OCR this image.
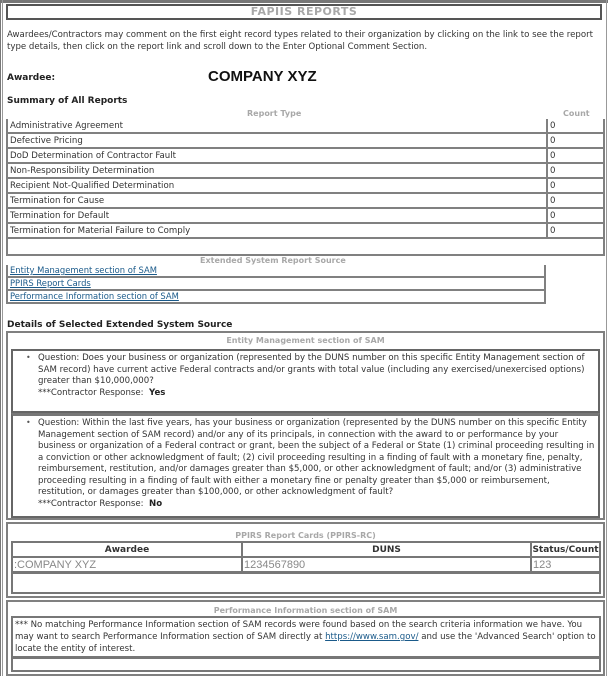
FAPIIS REPORTS
Awardees/Contractors may comment on the first eight record types related to their organization by clicking on the link to see the report type details, then click on the report link and scroll down to the Enter Optional Comment Section.
Awardee:	COMPANY XYZ
Summary of All Reports
Report Type	Count
Administrative Agreement	0
Defective Pricing	0
DoD Determination of Contractor Fault	0
Non-Responsibility Determination	0
Recipient Not-Qualified Determination	0
Termination for Cause	0
Termination for Default	0
Termination for Material Failure to Comply	0
Extended System Report Source
Entity Management section of SAM
PPIRS Report Cards
Performance Information section of SAM
Details of Selected Extended System Source
Entity Management section of SAM
• Question: Does your business or organization (represented by the DUNS number on this specific Entity Management section of SAM record) have current active Federal contracts and/or grants with total value (including any exercised/unexercised options) greater than $10,000,000?
***Contractor Response: Yes
• Question: Within the last five years, has your business or organization (represented by the DUNS number on this specific Entity Management section of SAM record) and/or any of its principals, in connection with the award to or performance by your business or organization of a Federal contract or grant, been the subject of a Federal or State (1) criminal proceeding resulting in a conviction or other acknowledgment of fault; (2) civil proceeding resulting in a finding of fault with a monetary fine, penalty, reimbursement, restitution, and/or damages greater than $5,000, or other acknowledgment of fault; and/or (3) administrative proceeding resulting in a finding of fault with either a monetary fine or penalty greater than $5,000 or reimbursement, restitution, or damages greater than $100,000, or other acknowledgment of fault?
***Contractor Response: No
PPIRS Report Cards (PPIRS-RC)
Awardee	DUNS	Status/Count
:COMPANY XYZ	1234567890	123
Performance Information section of SAM
*** No matching Performance Information section of SAM records were found based on the search criteria information we have. You may want to search Performance Information section of SAM directly at https://www.sam.gov/ and use the 'Advanced Search' option to locate the entity of interest.
